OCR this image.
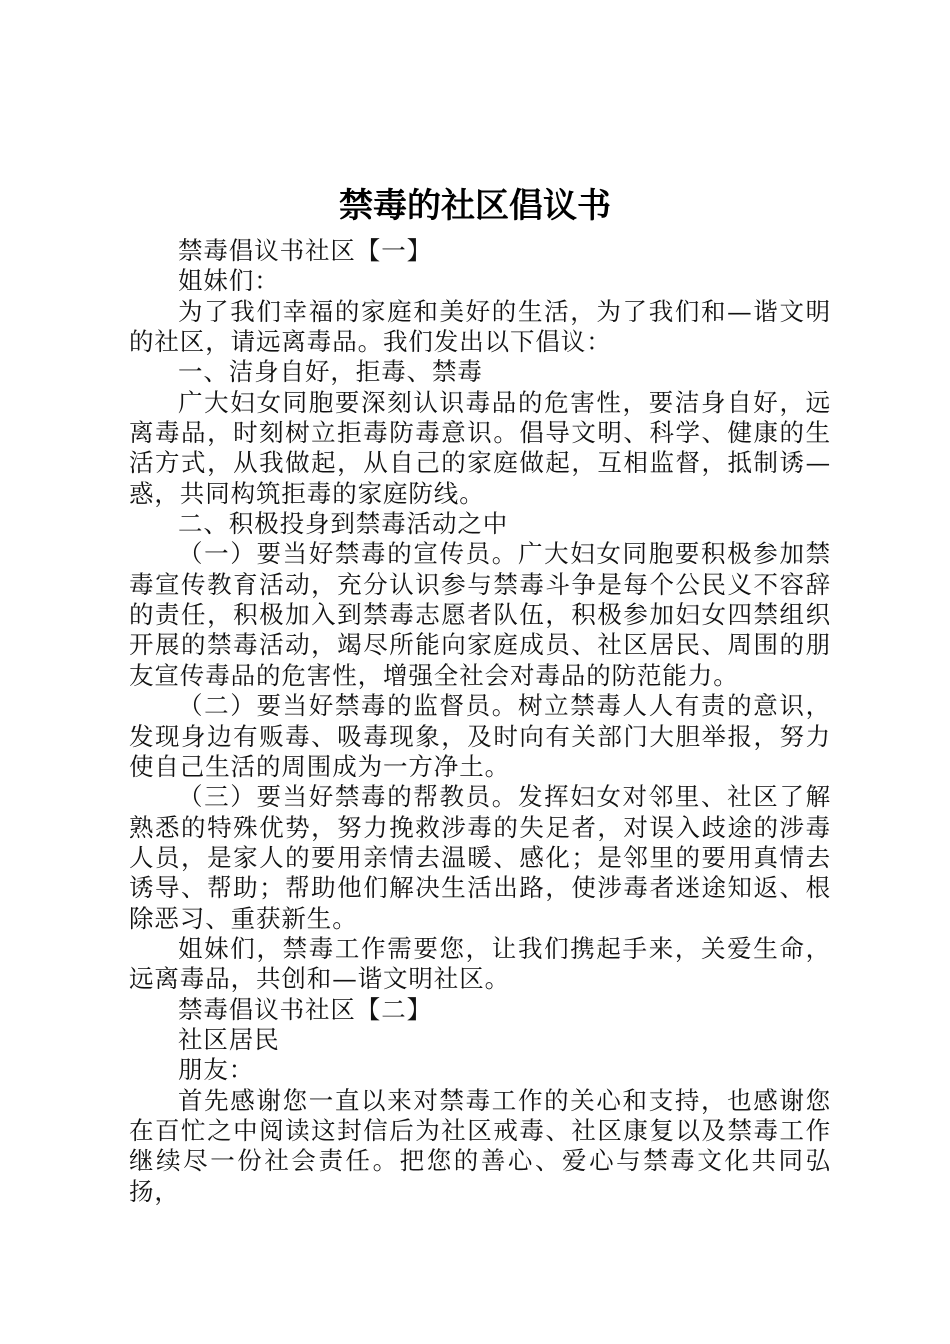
禁毒的社区倡议书

禁毒倡议书社区【一】

姐妹们：

为了我们幸福的家庭和美好的生活，为了我们和—谐文明的社区，请远离毒品。我们发出以下倡议：

一、洁身自好，拒毒、禁毒

广大妇女同胞要深刻认识毒品的危害性，要洁身自好，远离毒品，时刻树立拒毒防毒意识。倡导文明、科学、健康的生活方式，从我做起，从自己的家庭做起，互相监督，抵制诱—惑，共同构筑拒毒的家庭防线。

二、积极投身到禁毒活动之中

（一）要当好禁毒的宣传员。广大妇女同胞要积极参加禁毒宣传教育活动，充分认识参与禁毒斗争是每个公民义不容辞的责任，积极加入到禁毒志愿者队伍，积极参加妇女四禁组织开展的禁毒活动，竭尽所能向家庭成员、社区居民、周围的朋友宣传毒品的危害性，增强全社会对毒品的防范能力。

（二）要当好禁毒的监督员。树立禁毒人人有责的意识，发现身边有贩毒、吸毒现象，及时向有关部门大胆举报，努力使自己生活的周围成为一方净土。

（三）要当好禁毒的帮教员。发挥妇女对邻里、社区了解熟悉的特殊优势，努力挽救涉毒的失足者，对误入歧途的涉毒人员，是家人的要用亲情去温暖、感化；是邻里的要用真情去诱导、帮助；帮助他们解决生活出路，使涉毒者迷途知返、根除恶习、重获新生。

姐妹们，禁毒工作需要您，让我们携起手来，关爱生命，远离毒品，共创和—谐文明社区。

禁毒倡议书社区【二】

社区居民

朋友：

首先感谢您一直以来对禁毒工作的关心和支持，也感谢您在百忙之中阅读这封信后为社区戒毒、社区康复以及禁毒工作继续尽一份社会责任。把您的善心、爱心与禁毒文化共同弘扬，
